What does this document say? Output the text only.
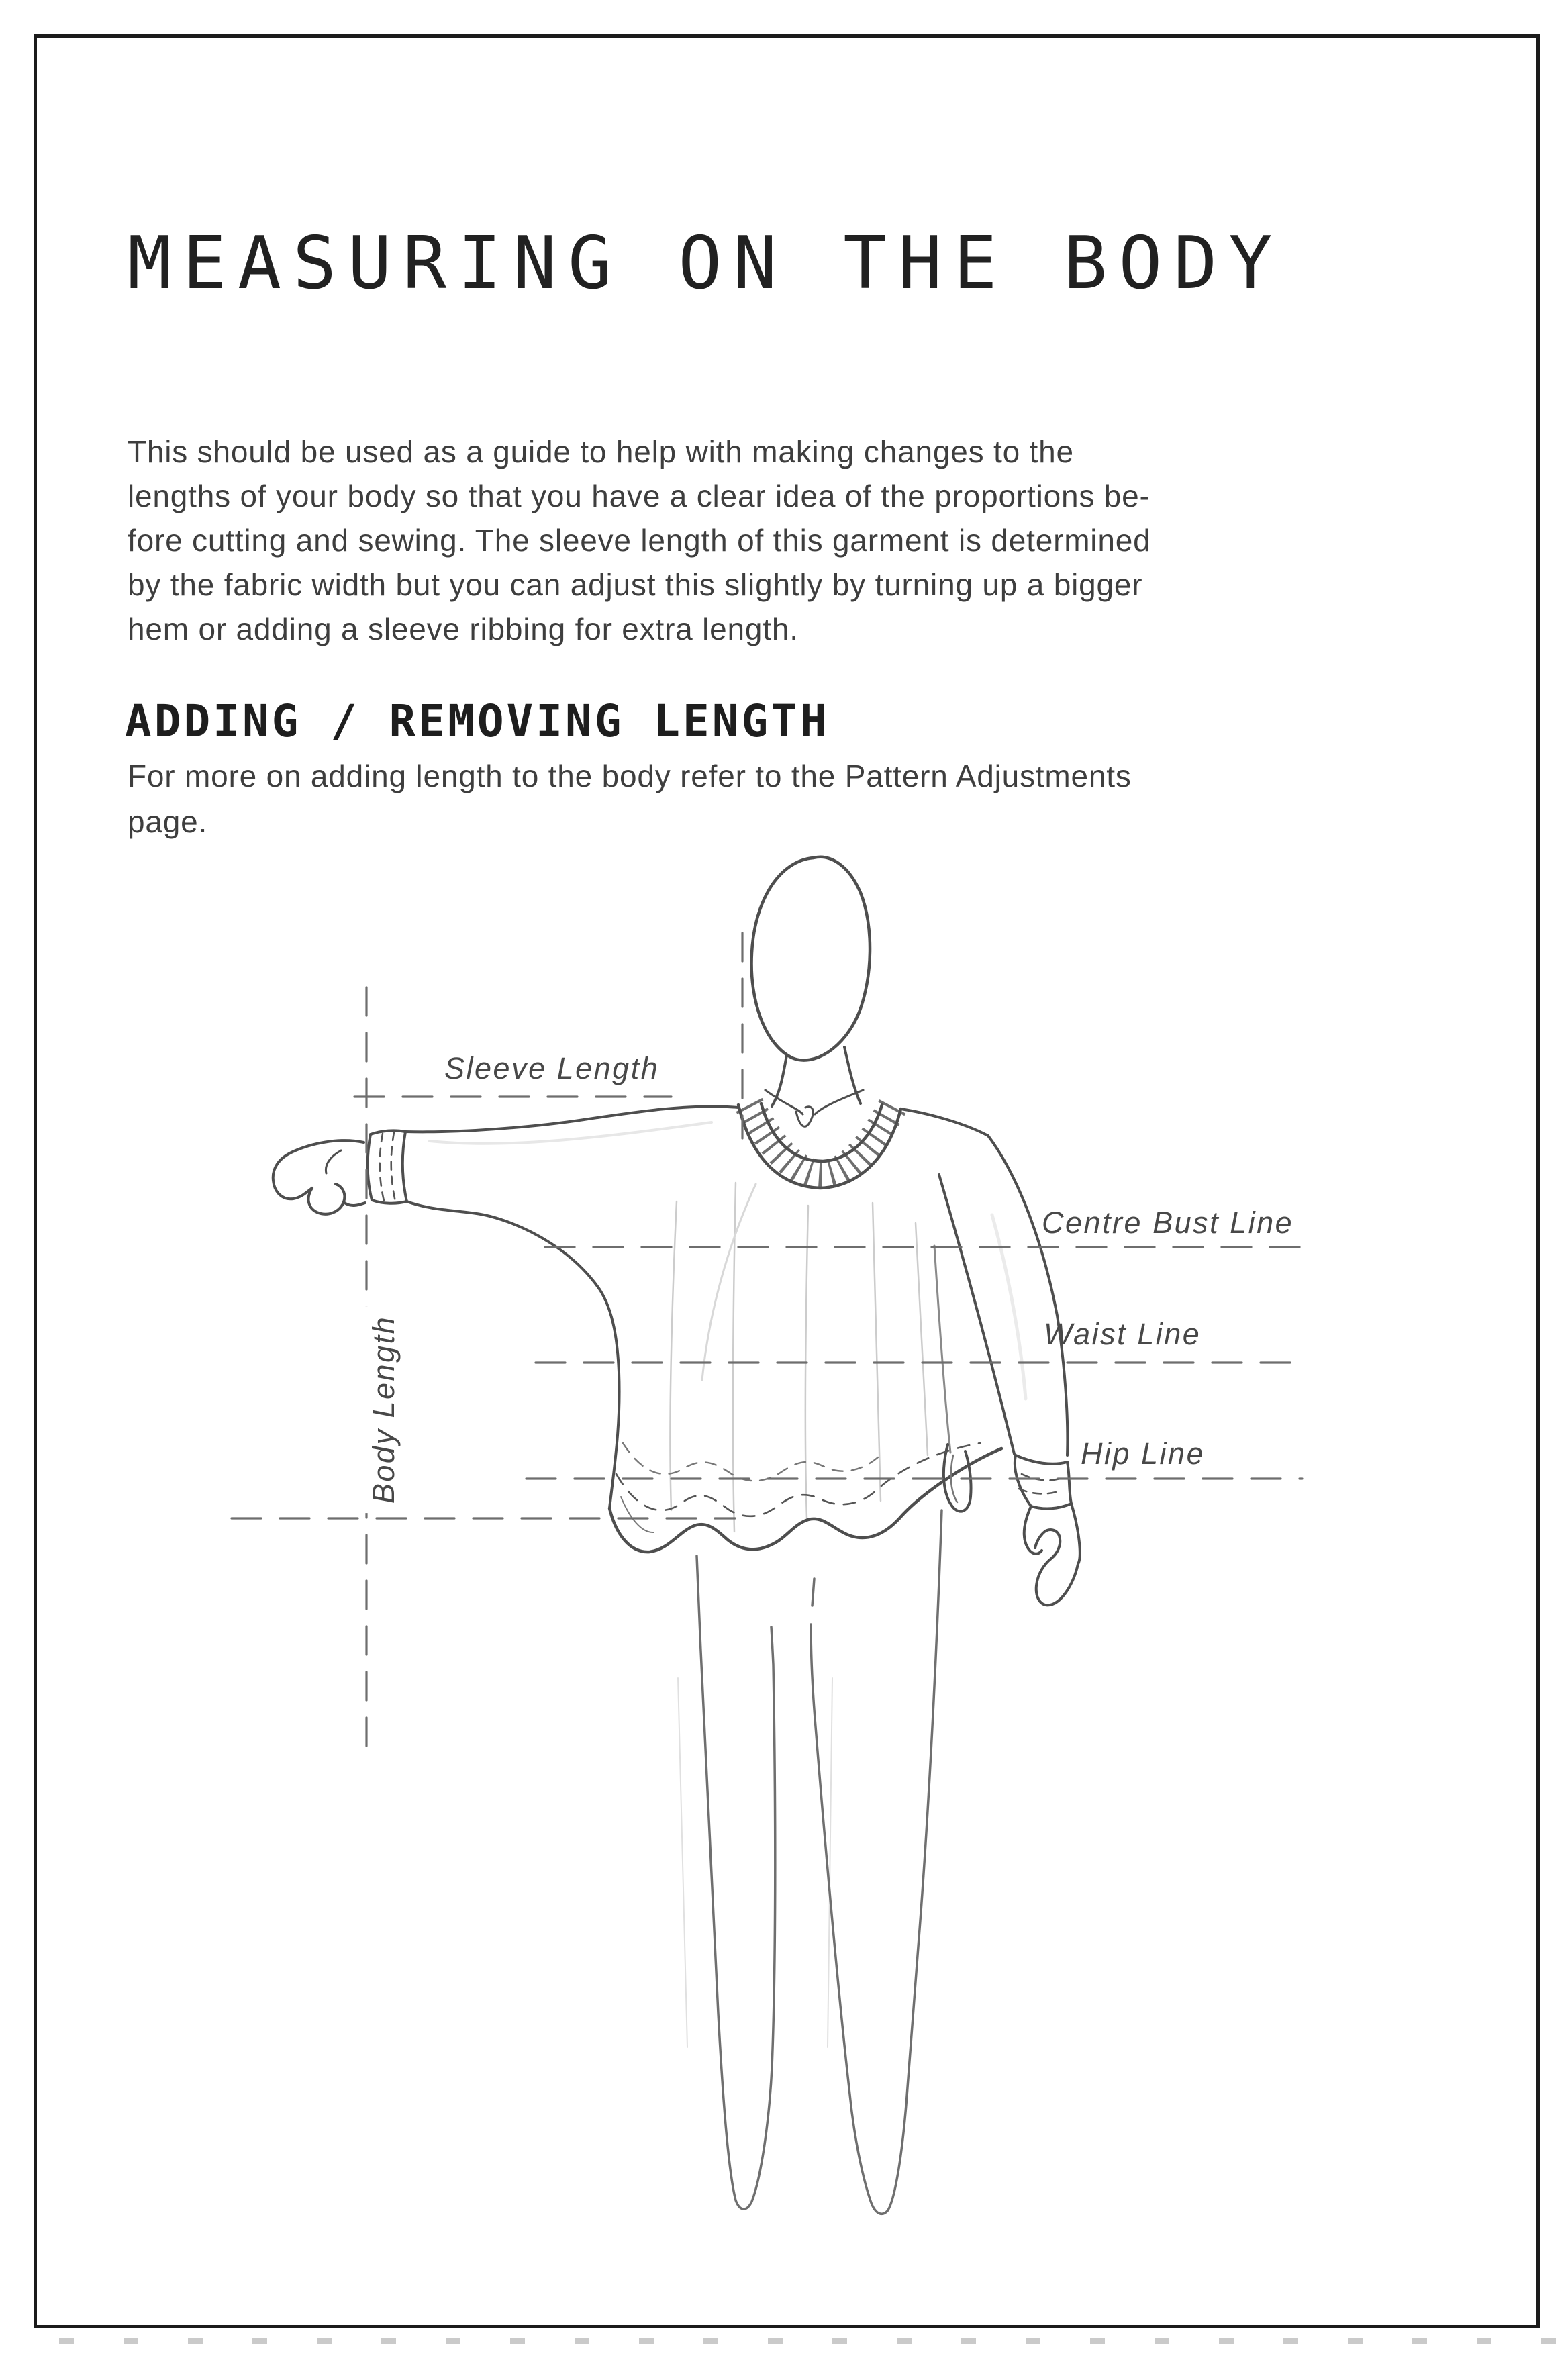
MEASURING ON THE BODY
This should be used as a guide to help with making changes to the
lengths of your body so that you have a clear idea of the proportions be-
fore cutting and sewing. The sleeve length of this garment is determined
by the fabric width but you can adjust this slightly by turning up a bigger
hem or adding a sleeve ribbing for extra length.
ADDING / REMOVING LENGTH
For more on adding length to the body refer to the Pattern Adjustments
page.
Sleeve Length
Body Length
Centre Bust Line
Waist Line
Hip Line
